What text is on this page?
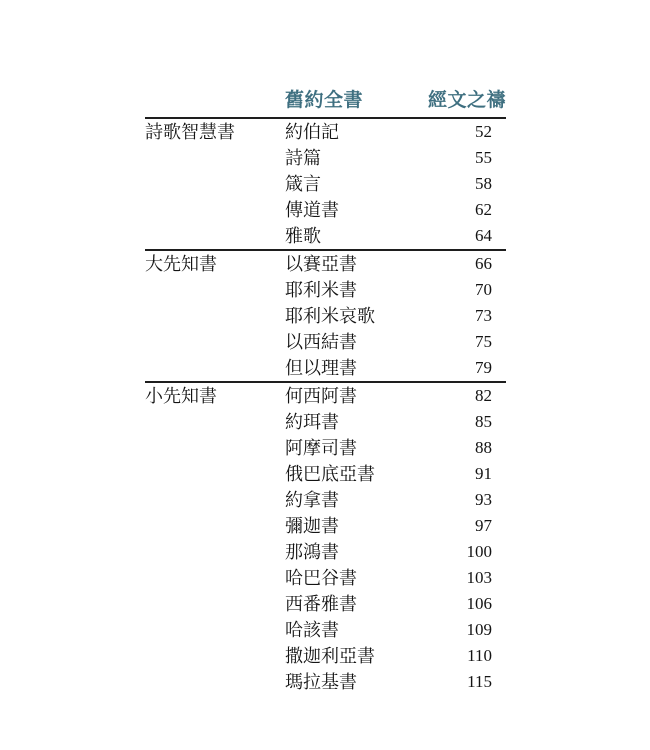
	舊約全書	經文之禱
詩歌智慧書	約伯記	52
	詩篇	55
	箴言	58
	傳道書	62
	雅歌	64
大先知書	以賽亞書	66
	耶利米書	70
	耶利米哀歌	73
	以西結書	75
	但以理書	79
小先知書	何西阿書	82
	約珥書	85
	阿摩司書	88
	俄巴底亞書	91
	約拿書	93
	彌迦書	97
	那鴻書	100
	哈巴谷書	103
	西番雅書	106
	哈該書	109
	撒迦利亞書	110
	瑪拉基書	115
